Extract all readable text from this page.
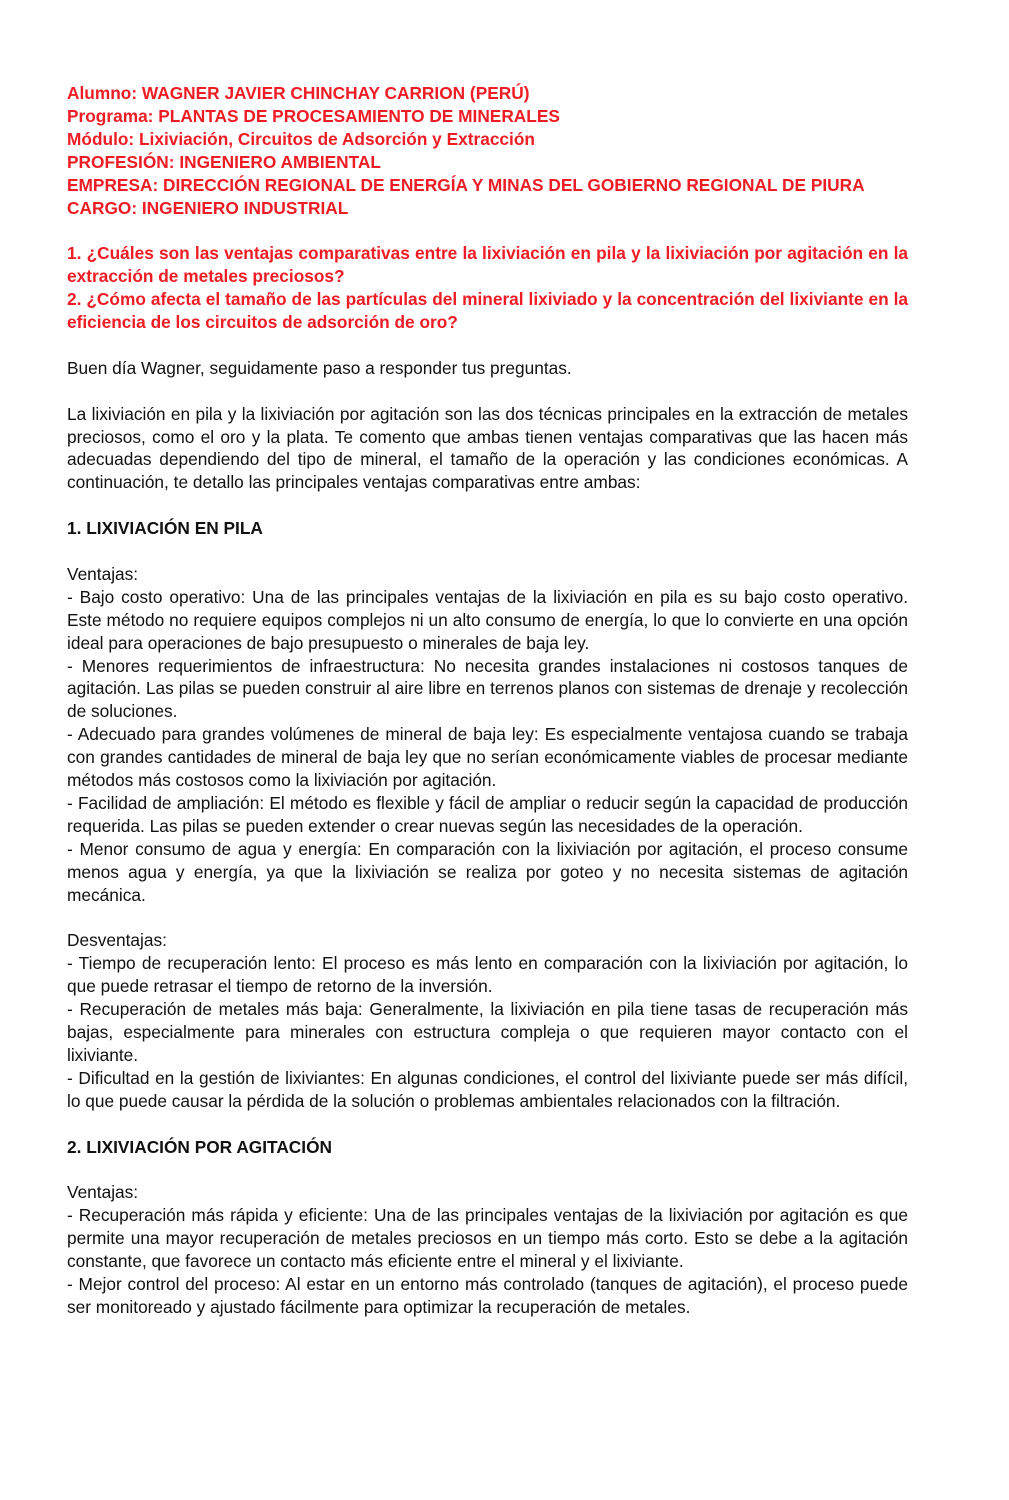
Alumno: WAGNER JAVIER CHINCHAY CARRION (PERÚ)
Programa: PLANTAS DE PROCESAMIENTO DE MINERALES
Módulo: Lixiviación, Circuitos de Adsorción y Extracción
PROFESIÓN: INGENIERO AMBIENTAL
EMPRESA: DIRECCIÓN REGIONAL DE ENERGÍA Y MINAS DEL GOBIERNO REGIONAL DE PIURA
CARGO: INGENIERO INDUSTRIAL

1. ¿Cuáles son las ventajas comparativas entre la lixiviación en pila y la lixiviación por agitación en la extracción de metales preciosos?

2. ¿Cómo afecta el tamaño de las partículas del mineral lixiviado y la concentración del lixiviante en la eficiencia de los circuitos de adsorción de oro?

Buen día Wagner, seguidamente paso a responder tus preguntas.

La lixiviación en pila y la lixiviación por agitación son las dos técnicas principales en la extracción de metales preciosos, como el oro y la plata. Te comento que ambas tienen ventajas comparativas que las hacen más adecuadas dependiendo del tipo de mineral, el tamaño de la operación y las condiciones económicas. A continuación, te detallo las principales ventajas comparativas entre ambas:

1. LIXIVIACIÓN EN PILA

Ventajas:

- Bajo costo operativo: Una de las principales ventajas de la lixiviación en pila es su bajo costo operativo. Este método no requiere equipos complejos ni un alto consumo de energía, lo que lo convierte en una opción ideal para operaciones de bajo presupuesto o minerales de baja ley.

- Menores requerimientos de infraestructura: No necesita grandes instalaciones ni costosos tanques de agitación. Las pilas se pueden construir al aire libre en terrenos planos con sistemas de drenaje y recolección de soluciones.

- Adecuado para grandes volúmenes de mineral de baja ley: Es especialmente ventajosa cuando se trabaja con grandes cantidades de mineral de baja ley que no serían económicamente viables de procesar mediante métodos más costosos como la lixiviación por agitación.

- Facilidad de ampliación: El método es flexible y fácil de ampliar o reducir según la capacidad de producción requerida. Las pilas se pueden extender o crear nuevas según las necesidades de la operación.

- Menor consumo de agua y energía: En comparación con la lixiviación por agitación, el proceso consume menos agua y energía, ya que la lixiviación se realiza por goteo y no necesita sistemas de agitación mecánica.

Desventajas:

- Tiempo de recuperación lento: El proceso es más lento en comparación con la lixiviación por agitación, lo que puede retrasar el tiempo de retorno de la inversión.

- Recuperación de metales más baja: Generalmente, la lixiviación en pila tiene tasas de recuperación más bajas, especialmente para minerales con estructura compleja o que requieren mayor contacto con el lixiviante.

- Dificultad en la gestión de lixiviantes: En algunas condiciones, el control del lixiviante puede ser más difícil, lo que puede causar la pérdida de la solución o problemas ambientales relacionados con la filtración.

2. LIXIVIACIÓN POR AGITACIÓN

Ventajas:

- Recuperación más rápida y eficiente: Una de las principales ventajas de la lixiviación por agitación es que permite una mayor recuperación de metales preciosos en un tiempo más corto. Esto se debe a la agitación constante, que favorece un contacto más eficiente entre el mineral y el lixiviante.

- Mejor control del proceso: Al estar en un entorno más controlado (tanques de agitación), el proceso puede ser monitoreado y ajustado fácilmente para optimizar la recuperación de metales.
